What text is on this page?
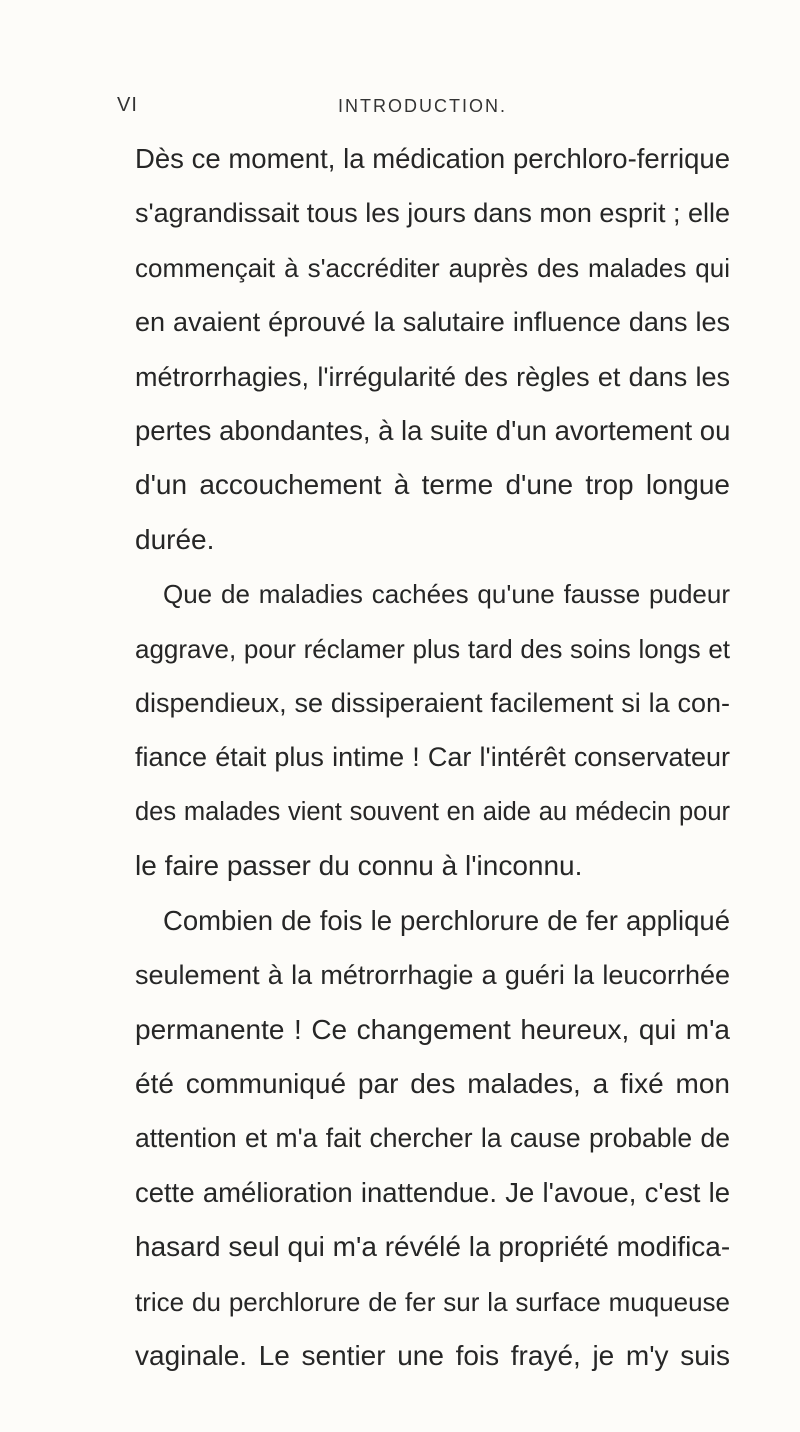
VI	INTRODUCTION.

Dès ce moment, la médication perchloro-ferrique
s'agrandissait tous les jours dans mon esprit ; elle
commençait à s'accréditer auprès des malades qui
en avaient éprouvé la salutaire influence dans les
métrorrhagies, l'irrégularité des règles et dans les
pertes abondantes, à la suite d'un avortement ou
d'un accouchement à terme d'une trop longue
durée.

Que de maladies cachées qu'une fausse pudeur
aggrave, pour réclamer plus tard des soins longs et
dispendieux, se dissiperaient facilement si la con-
fiance était plus intime ! Car l'intérêt conservateur
des malades vient souvent en aide au médecin pour
le faire passer du connu à l'inconnu.

Combien de fois le perchlorure de fer appliqué
seulement à la métrorrhagie a guéri la leucorrhée
permanente ! Ce changement heureux, qui m'a
été communiqué par des malades, a fixé mon
attention et m'a fait chercher la cause probable de
cette amélioration inattendue. Je l'avoue, c'est le
hasard seul qui m'a révélé la propriété modifica-
trice du perchlorure de fer sur la surface muqueuse
vaginale. Le sentier une fois frayé, je m'y suis
